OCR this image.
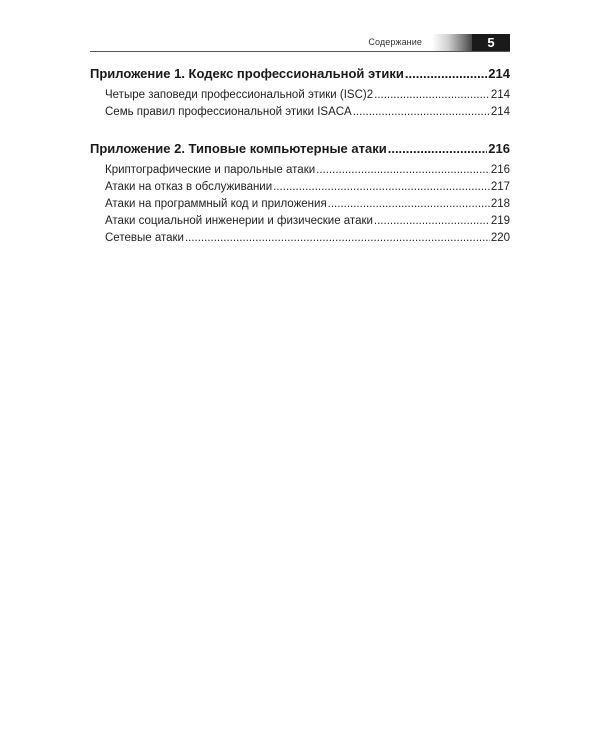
Содержание	5
Приложение 1. Кодекс профессиональной этики .....	214
Четыре заповеди профессиональной этики (ISC)2 .....	214
Семь правил профессиональной этики ISACA .....	214
Приложение 2. Типовые компьютерные атаки .....	216
Криптографические и парольные атаки .....	216
Атаки на отказ в обслуживании .....	217
Атаки на программный код и приложения .....	218
Атаки социальной инженерии и физические атаки .....	219
Сетевые атаки .....	220
